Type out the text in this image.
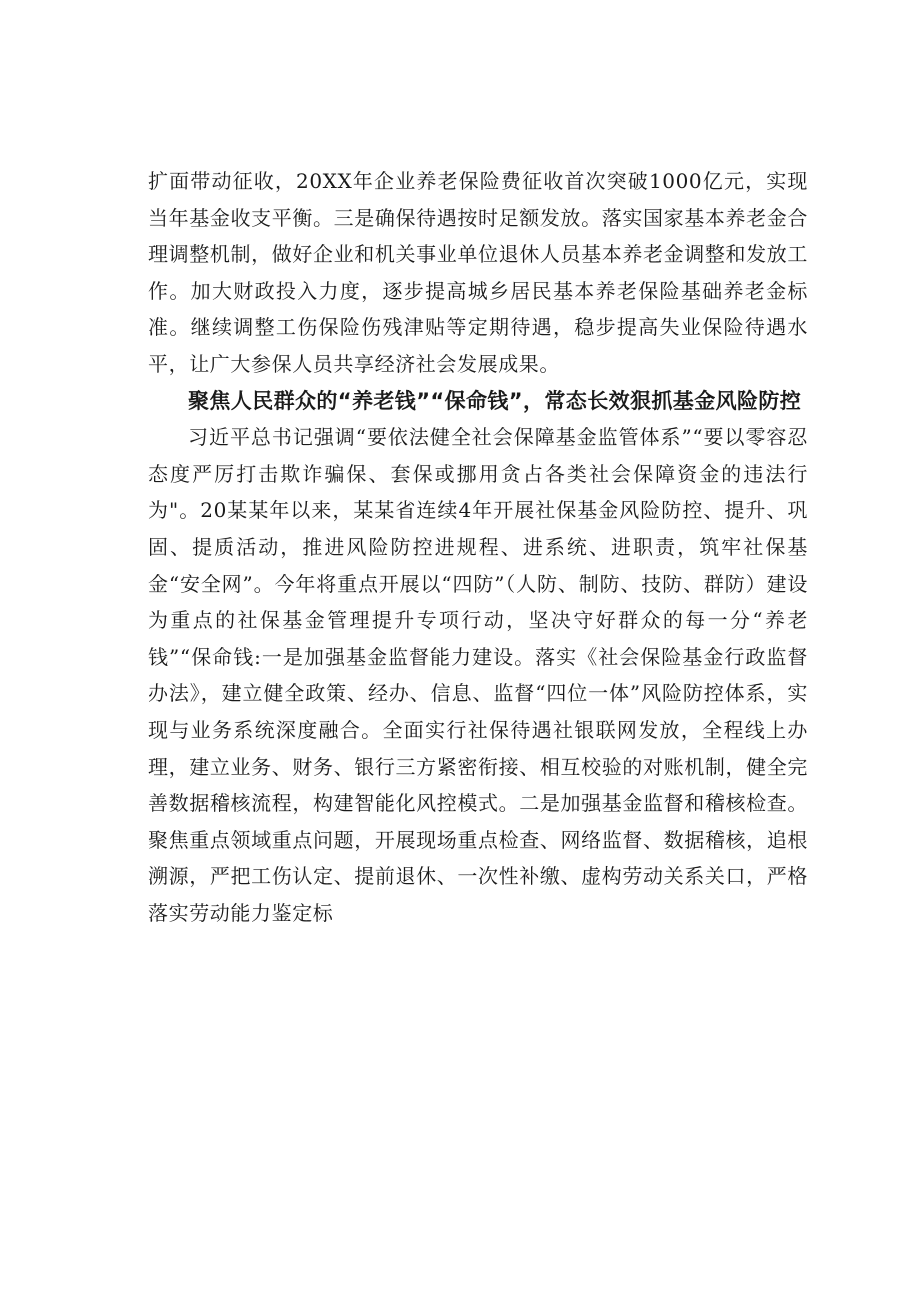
扩面带动征收，20XX年企业养老保险费征收首次突破1000亿元，实现当年基金收支平衡。三是确保待遇按时足额发放。落实国家基本养老金合理调整机制，做好企业和机关事业单位退休人员基本养老金调整和发放工作。加大财政投入力度，逐步提高城乡居民基本养老保险基础养老金标准。继续调整工伤保险伤残津贴等定期待遇，稳步提高失业保险待遇水平，让广大参保人员共享经济社会发展成果。

聚焦人民群众的“养老钱”“保命钱”，常态长效狠抓基金风险防控

习近平总书记强调“要依法健全社会保障基金监管体系”“要以零容忍态度严厉打击欺诈骗保、套保或挪用贪占各类社会保障资金的违法行为"。20某某年以来，某某省连续4年开展社保基金风险防控、提升、巩固、提质活动，推进风险防控进规程、进系统、进职责，筑牢社保基金“安全网”。今年将重点开展以“四防”（人防、制防、技防、群防）建设为重点的社保基金管理提升专项行动，坚决守好群众的每一分“养老钱”“保命钱:一是加强基金监督能力建设。落实《社会保险基金行政监督办法》，建立健全政策、经办、信息、监督“四位一体”风险防控体系，实现与业务系统深度融合。全面实行社保待遇社银联网发放，全程线上办理，建立业务、财务、银行三方紧密衔接、相互校验的对账机制，健全完善数据稽核流程，构建智能化风控模式。二是加强基金监督和稽核检查。聚焦重点领域重点问题，开展现场重点检查、网络监督、数据稽核，追根溯源，严把工伤认定、提前退休、一次性补缴、虚构劳动关系关口，严格落实劳动能力鉴定标
